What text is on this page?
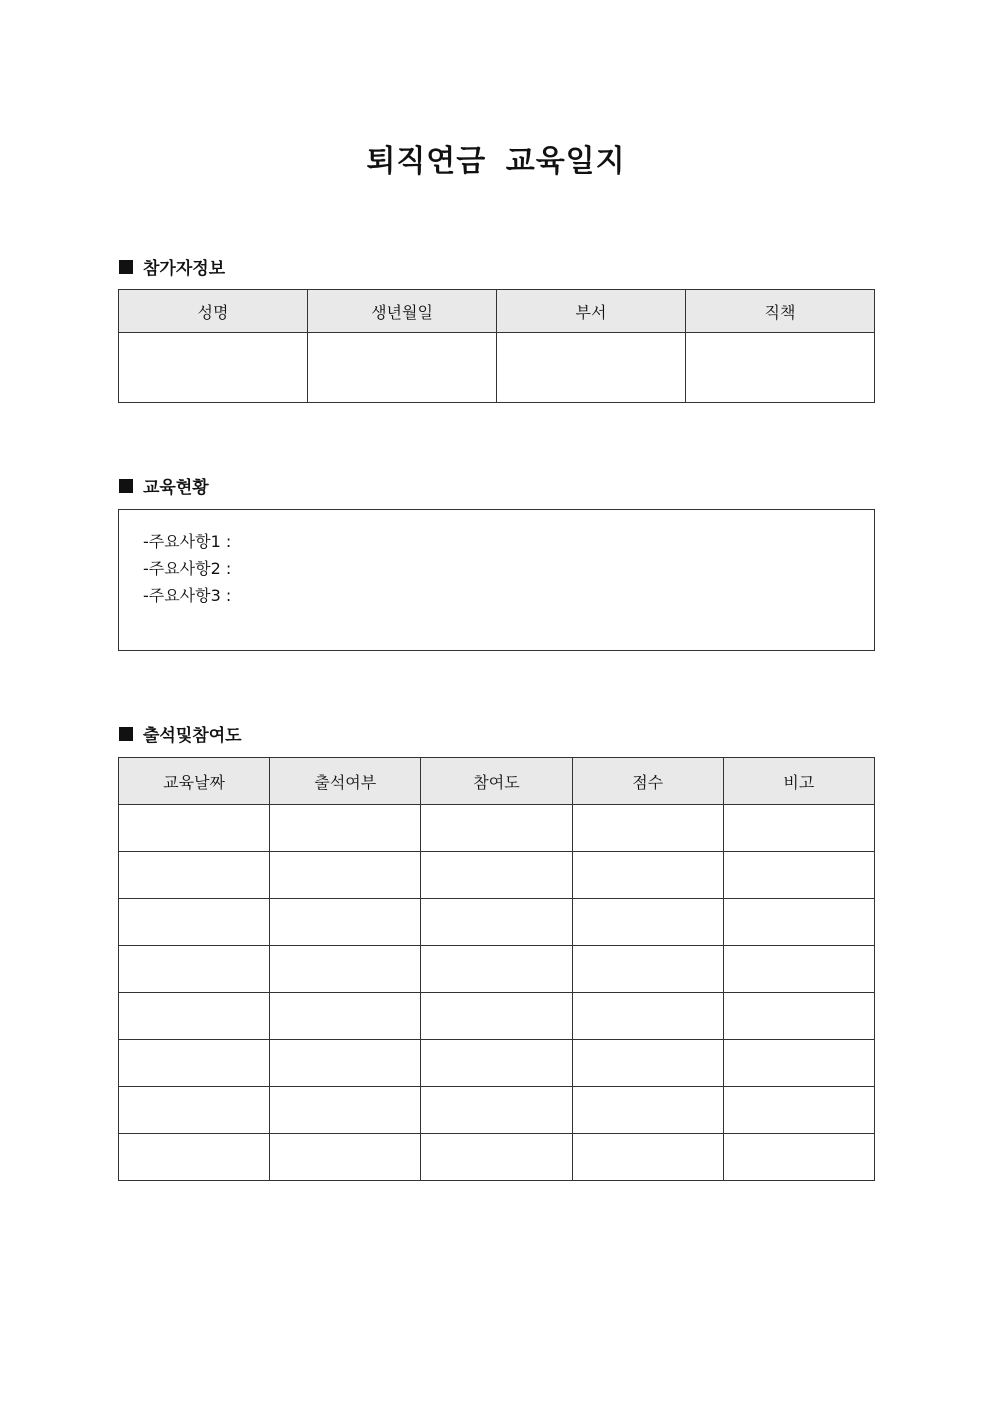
퇴직연금 교육일지
참가자정보
성명	생년월일	부서	직책

교육현황
-주요사항1 :
-주요사항2 :
-주요사항3 :
출석및참여도
교육날짜	출석여부	참여도	점수	비고
